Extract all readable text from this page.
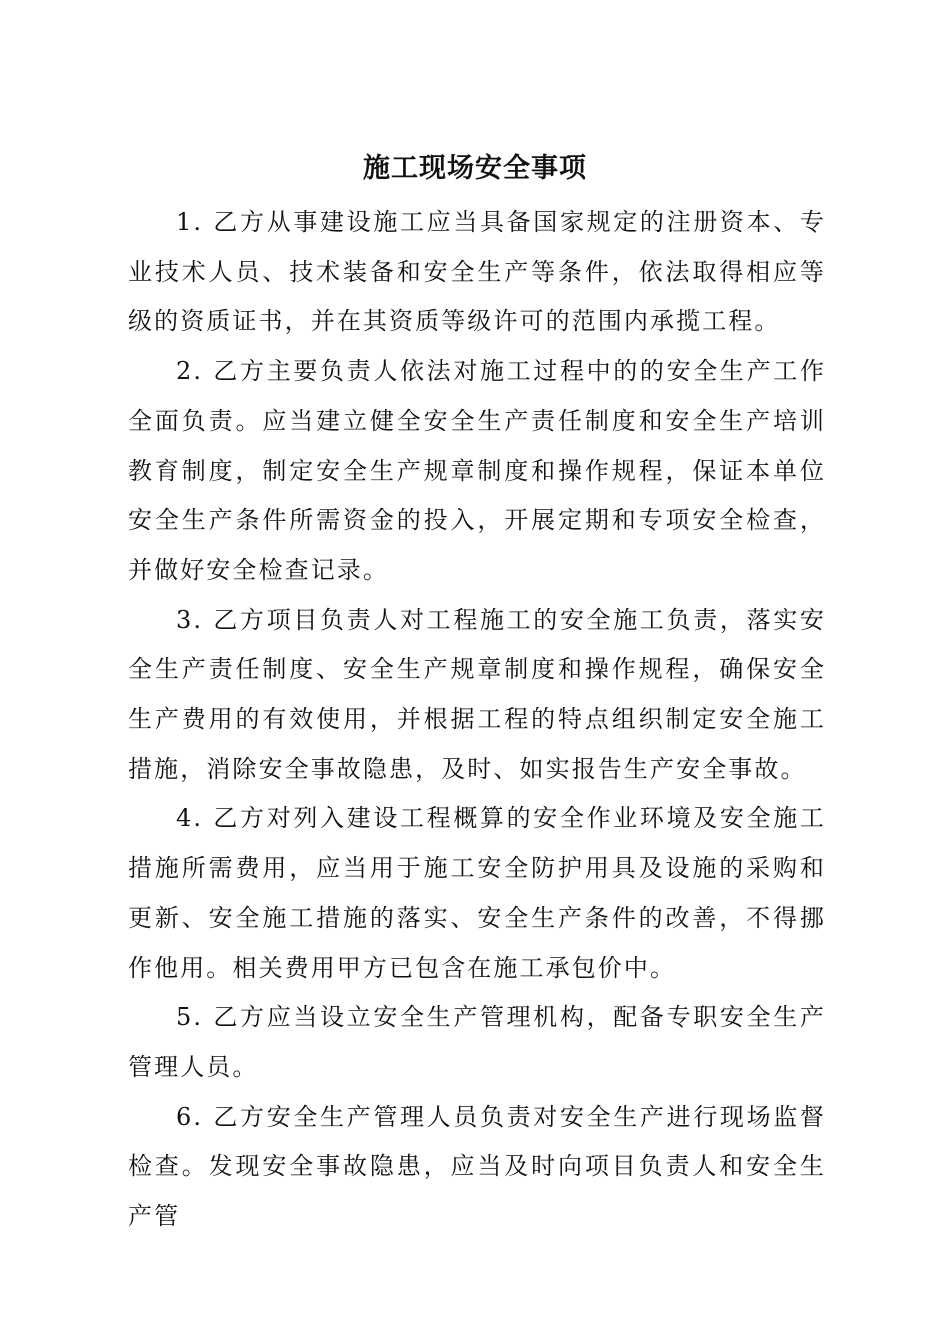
施工现场安全事项

1. 乙方从事建设施工应当具备国家规定的注册资本、专业技术人员、技术装备和安全生产等条件，依法取得相应等级的资质证书，并在其资质等级许可的范围内承揽工程。

2. 乙方主要负责人依法对施工过程中的的安全生产工作全面负责。应当建立健全安全生产责任制度和安全生产培训教育制度，制定安全生产规章制度和操作规程，保证本单位安全生产条件所需资金的投入，开展定期和专项安全检查，并做好安全检查记录。

3. 乙方项目负责人对工程施工的安全施工负责，落实安全生产责任制度、安全生产规章制度和操作规程，确保安全生产费用的有效使用，并根据工程的特点组织制定安全施工措施，消除安全事故隐患，及时、如实报告生产安全事故。

4. 乙方对列入建设工程概算的安全作业环境及安全施工措施所需费用，应当用于施工安全防护用具及设施的采购和更新、安全施工措施的落实、安全生产条件的改善，不得挪作他用。相关费用甲方已包含在施工承包价中。

5. 乙方应当设立安全生产管理机构，配备专职安全生产管理人员。

6. 乙方安全生产管理人员负责对安全生产进行现场监督检查。发现安全事故隐患，应当及时向项目负责人和安全生产管
